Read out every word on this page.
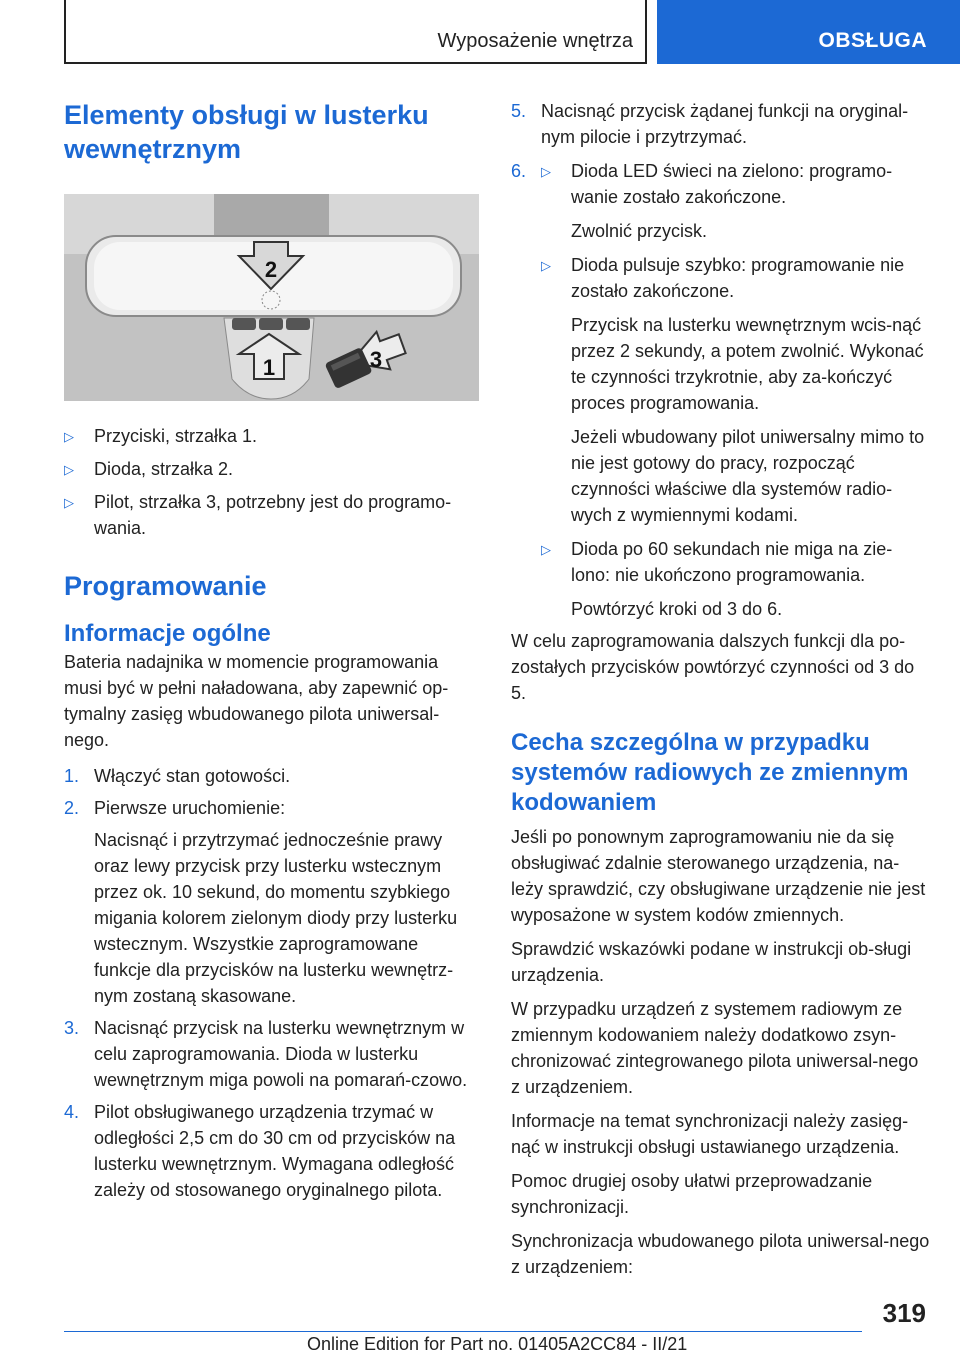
Wyposażenie wnętrza	OBSŁUGA
Elementy obsługi w lusterku wewnętrznym
2
1	3
▷	Przyciski, strzałka 1.
▷	Dioda, strzałka 2.
▷	Pilot, strzałka 3, potrzebny jest do programo-wania.
Programowanie
Informacje ogólne

Bateria nadajnika w momencie programowania musi być w pełni naładowana, aby zapewnić op-tymalny zasięg wbudowanego pilota uniwersal-nego.

1. Włączyć stan gotowości.
2. Pierwsze uruchomienie:
Nacisnąć i przytrzymać jednocześnie prawy oraz lewy przycisk przy lusterku wstecznym przez ok. 10 sekund, do momentu szybkiego migania kolorem zielonym diody przy lusterku wstecznym. Wszystkie zaprogramowane funkcje dla przycisków na lusterku wewnętrz-nym zostaną skasowane.
3. Nacisnąć przycisk na lusterku wewnętrznym w celu zaprogramowania. Dioda w lusterku wewnętrznym miga powoli na pomarań-czowo.
4. Pilot obsługiwanego urządzenia trzymać w odległości 2,5 cm do 30 cm od przycisków na lusterku wewnętrznym. Wymagana odległość zależy od stosowanego oryginalnego pilota.
5. Nacisnąć przycisk żądanej funkcji na oryginal-nym pilocie i przytrzymać.
6.	▷	Dioda LED świeci na zielono: programo-wanie zostało zakończone.
Zwolnić przycisk.
▷	Dioda pulsuje szybko: programowanie nie zostało zakończone.
Przycisk na lusterku wewnętrznym wcis-nąć przez 2 sekundy, a potem zwolnić. Wykonać te czynności trzykrotnie, aby za-kończyć proces programowania.
Jeżeli wbudowany pilot uniwersalny mimo to nie jest gotowy do pracy, rozpocząć czynności właściwe dla systemów radio-wych z wymiennymi kodami.
▷	Dioda po 60 sekundach nie miga na zie-lono: nie ukończono programowania.
Powtórzyć kroki od 3 do 6.

W celu zaprogramowania dalszych funkcji dla po-zostałych przycisków powtórzyć czynności od 3 do 5.

Cecha szczególna w przypadku systemów radiowych ze zmiennym kodowaniem

Jeśli po ponownym zaprogramowaniu nie da się obsługiwać zdalnie sterowanego urządzenia, na-leży sprawdzić, czy obsługiwane urządzenie nie jest wyposażone w system kodów zmiennych.

Sprawdzić wskazówki podane w instrukcji ob-sługi urządzenia.

W przypadku urządzeń z systemem radiowym ze zmiennym kodowaniem należy dodatkowo zsyn-chronizować zintegrowanego pilota uniwersal-nego z urządzeniem.

Informacje na temat synchronizacji należy zasięg-nąć w instrukcji obsługi ustawianego urządzenia.

Pomoc drugiej osoby ułatwi przeprowadzanie synchronizacji.

Synchronizacja wbudowanego pilota uniwersal-nego z urządzeniem:

319
Online Edition for Part no. 01405A2CC84 - II/21
